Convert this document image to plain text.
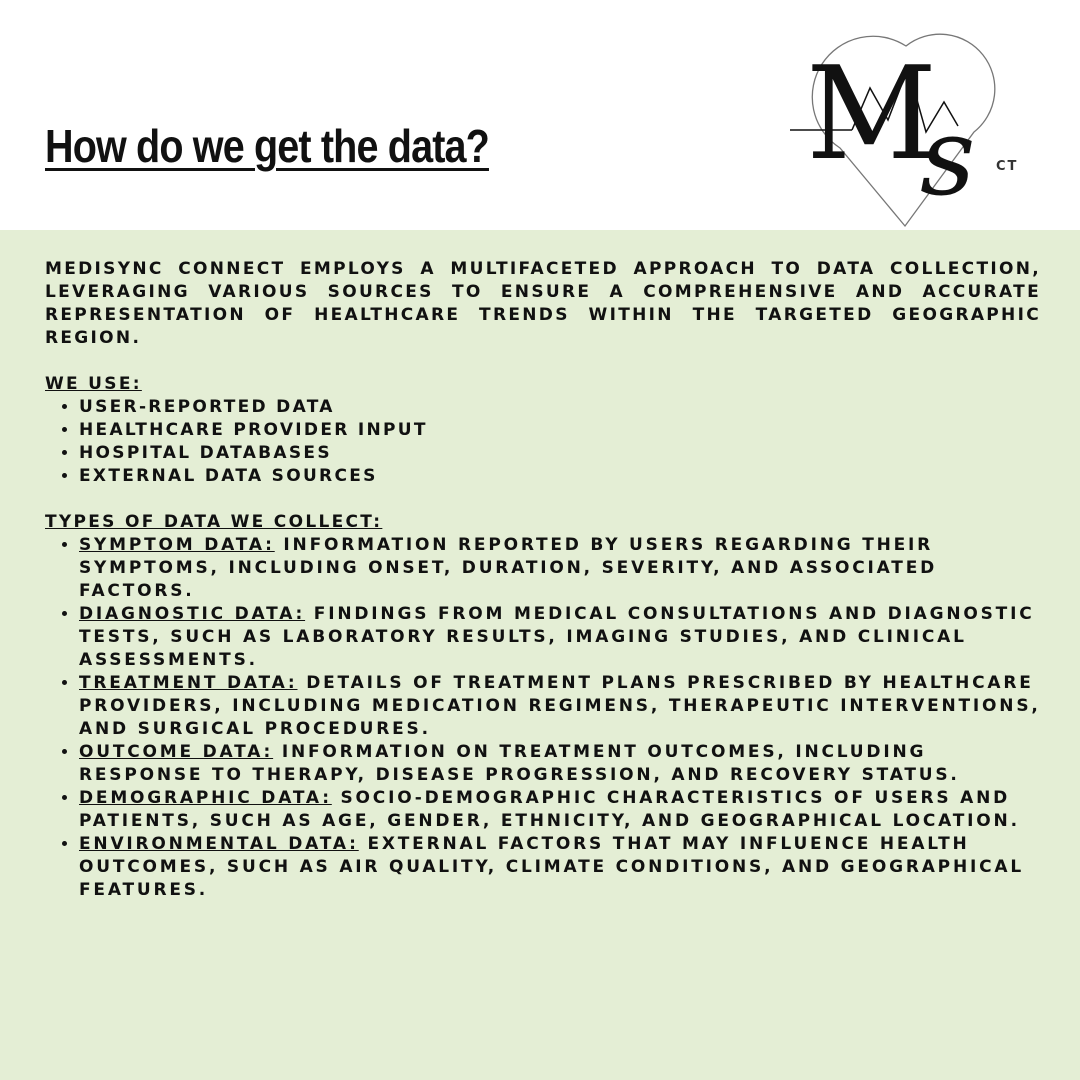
How do we get the data? M
s CT

MEDISYNC CONNECT EMPLOYS A MULTIFACETED APPROACH TO DATA COLLECTION, LEVERAGING VARIOUS SOURCES TO ENSURE A COMPREHENSIVE AND ACCURATE REPRESENTATION OF HEALTHCARE TRENDS WITHIN THE TARGETED GEOGRAPHIC REGION.

WE USE:

• USER-REPORTED DATA
• HEALTHCARE PROVIDER INPUT
• HOSPITAL DATABASES
• EXTERNAL DATA SOURCES

TYPES OF DATA WE COLLECT:

• SYMPTOM DATA: INFORMATION REPORTED BY USERS REGARDING THEIR SYMPTOMS, INCLUDING ONSET, DURATION, SEVERITY, AND ASSOCIATED FACTORS.
• DIAGNOSTIC DATA: FINDINGS FROM MEDICAL CONSULTATIONS AND DIAGNOSTIC TESTS, SUCH AS LABORATORY RESULTS, IMAGING STUDIES, AND CLINICAL ASSESSMENTS.
• TREATMENT DATA: DETAILS OF TREATMENT PLANS PRESCRIBED BY HEALTHCARE PROVIDERS, INCLUDING MEDICATION REGIMENS, THERAPEUTIC INTERVENTIONS, AND SURGICAL PROCEDURES.
• OUTCOME DATA: INFORMATION ON TREATMENT OUTCOMES, INCLUDING RESPONSE TO THERAPY, DISEASE PROGRESSION, AND RECOVERY STATUS.
• DEMOGRAPHIC DATA: SOCIO-DEMOGRAPHIC CHARACTERISTICS OF USERS AND PATIENTS, SUCH AS AGE, GENDER, ETHNICITY, AND GEOGRAPHICAL LOCATION.
• ENVIRONMENTAL DATA: EXTERNAL FACTORS THAT MAY INFLUENCE HEALTH OUTCOMES, SUCH AS AIR QUALITY, CLIMATE CONDITIONS, AND GEOGRAPHICAL FEATURES.
